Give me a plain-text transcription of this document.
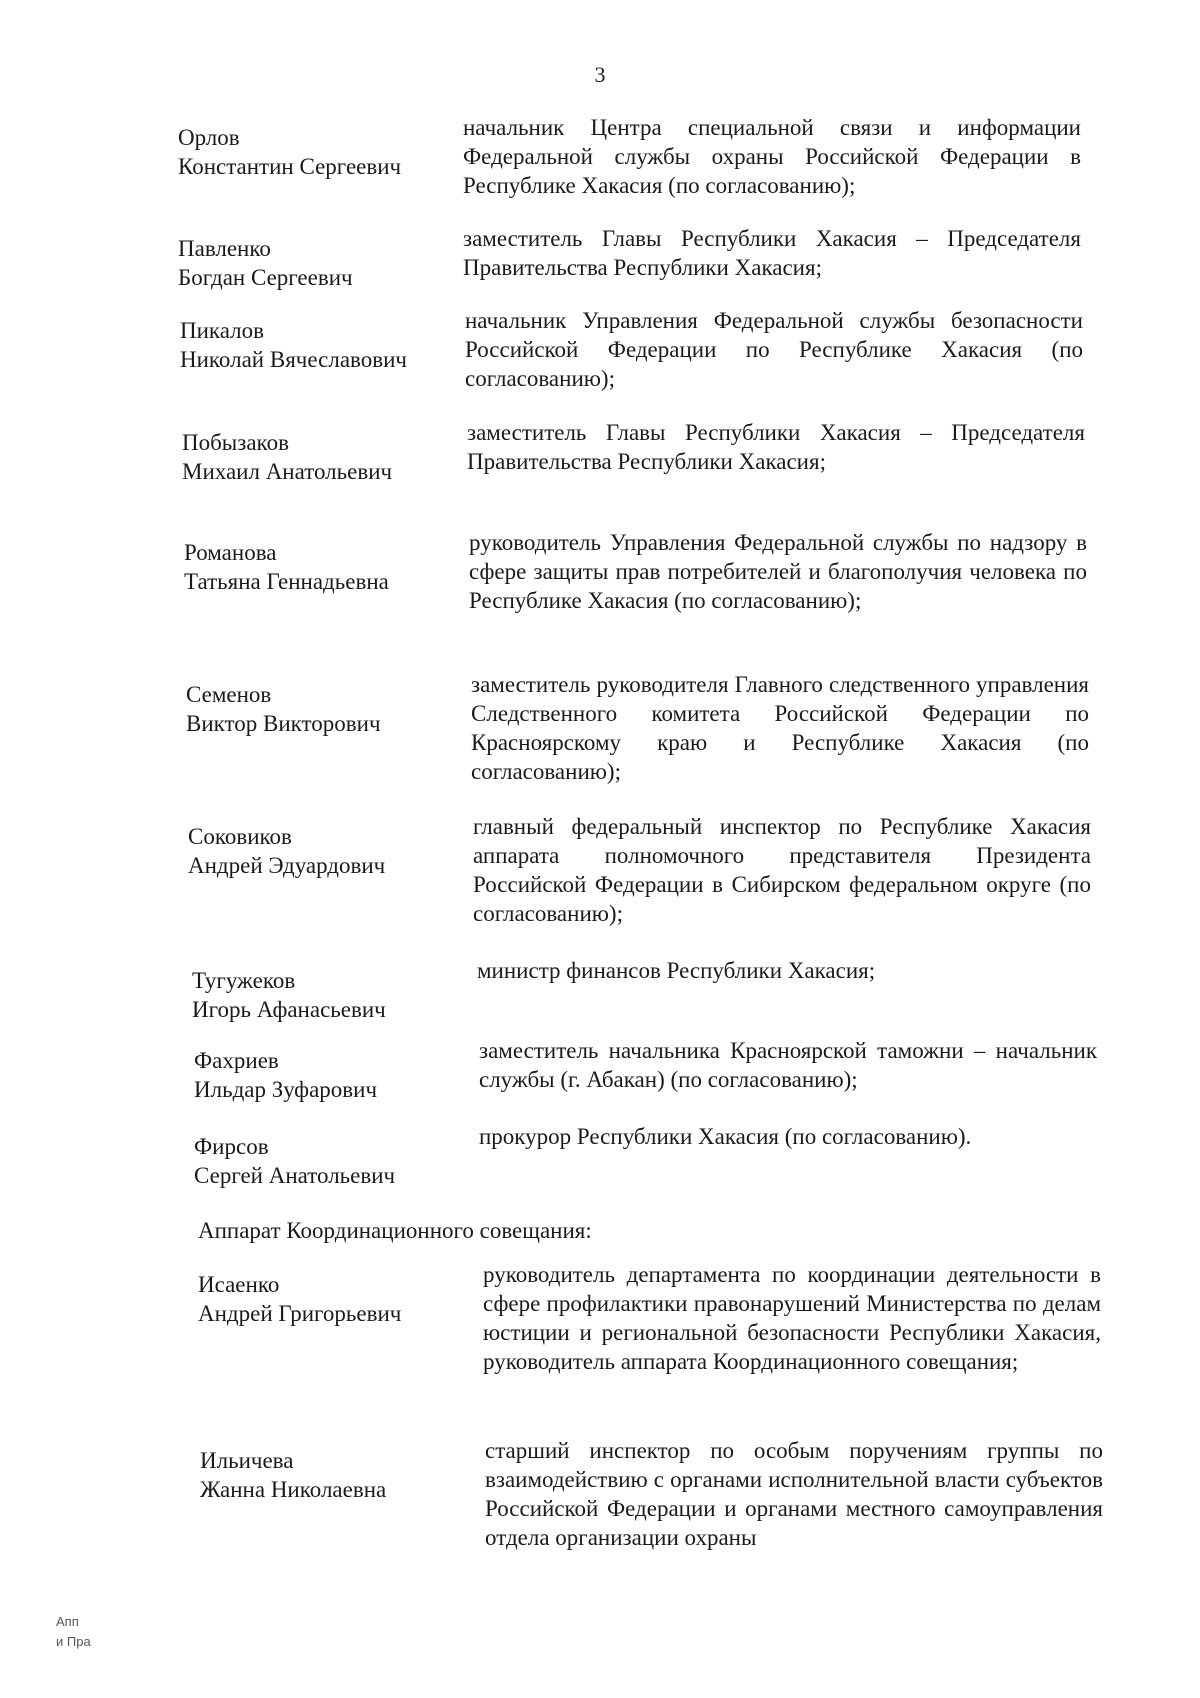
3
Орлов
Константин Сергеевич
начальник Центра специальной связи и информации Федеральной службы охраны Российской Федерации в Республике Хакасия (по согласованию);
Павленко
Богдан Сергеевич
заместитель Главы Республики Хакасия – Председателя Правительства Республики Хакасия;
Пикалов
Николай Вячеславович
начальник Управления Федеральной службы безопасности Российской Федерации по Республике Хакасия (по согласованию);
Побызаков
Михаил Анатольевич
заместитель Главы Республики Хакасия – Председателя Правительства Республики Хакасия;
Романова
Татьяна Геннадьевна
руководитель Управления Федеральной службы по надзору в сфере защиты прав потребителей и благополучия человека по Республике Хакасия (по согласованию);
Семенов
Виктор Викторович
заместитель руководителя Главного следственного управления Следственного комитета Российской Федерации по Красноярскому краю и Республике Хакасия (по согласованию);
Соковиков
Андрей Эдуардович
главный федеральный инспектор по Республике Хакасия аппарата полномочного представителя Президента Российской Федерации в Сибирском федеральном округе (по согласованию);
Тугужеков
Игорь Афанасьевич
министр финансов Республики Хакасия;
Фахриев
Ильдар Зуфарович
заместитель начальника Красноярской таможни – начальник службы (г. Абакан) (по согласованию);
Фирсов
Сергей Анатольевич
прокурор Республики Хакасия (по согласованию).
Аппарат Координационного совещания:
Исаенко
Андрей Григорьевич
руководитель департамента по координации деятельности в сфере профилактики правонарушений Министерства по делам юстиции и региональной безопасности Республики Хакасия, руководитель аппарата Координационного совещания;
Ильичева
Жанна Николаевна
старший инспектор по особым поручениям группы по взаимодействию с органами исполнительной власти субъектов Российской Федерации и органами местного самоуправления отдела организации охраны
Апп
и Пра
